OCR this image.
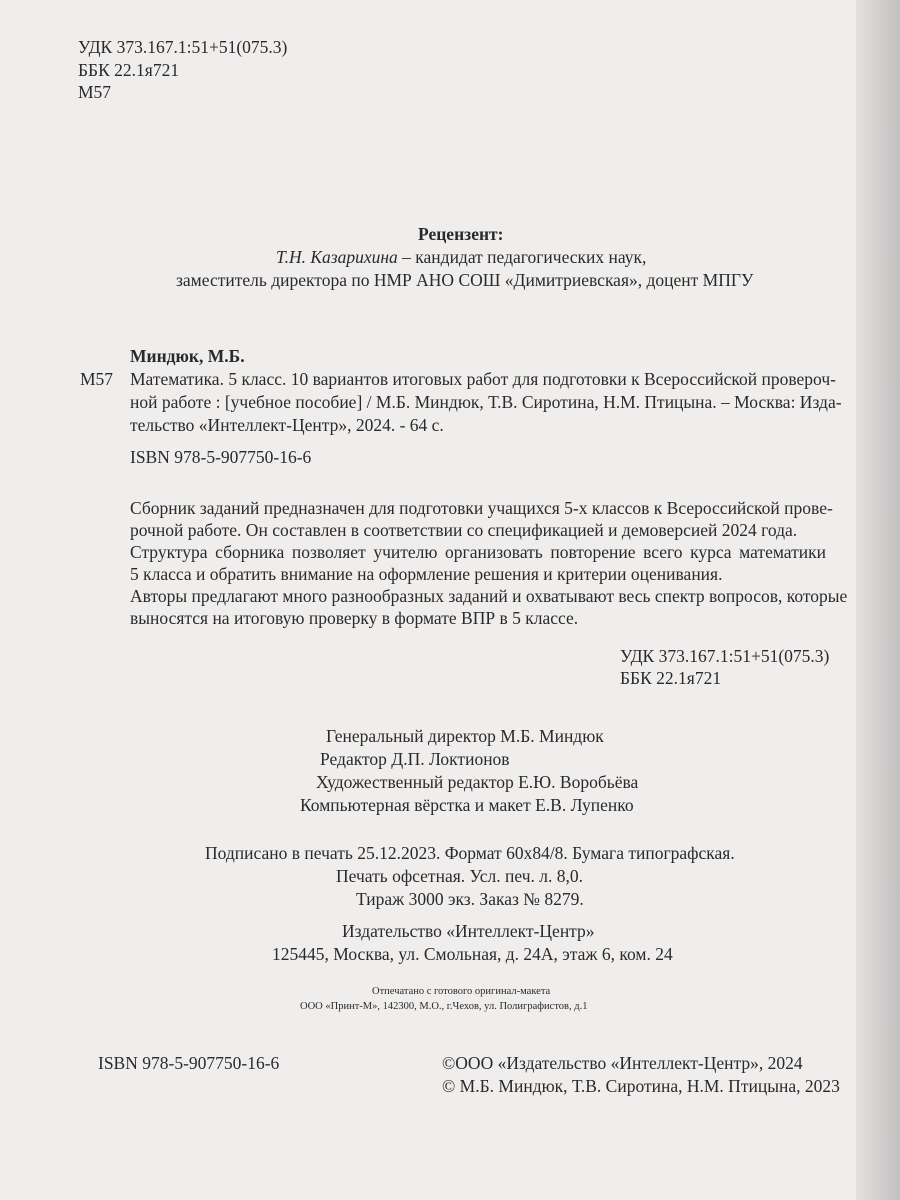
УДК 373.167.1:51+51(075.3)
ББК 22.1я721
М57
Рецензент:
Т.Н. Казарихина – кандидат педагогических наук,
заместитель директора по НМР АНО СОШ «Димитриевская», доцент МПГУ
Миндюк, М.Б.
М57 Математика. 5 класс. 10 вариантов итоговых работ для подготовки к Всероссийской провероч-
ной работе : [учебное пособие] / М.Б. Миндюк, Т.В. Сиротина, Н.М. Птицына. – Москва: Изда-
тельство «Интеллект-Центр», 2024. - 64 с.
ISBN 978-5-907750-16-6
Сборник заданий предназначен для подготовки учащихся 5-х классов к Всероссийской прове-
рочной работе. Он составлен в соответствии со спецификацией и демоверсией 2024 года.
Структура сборника позволяет учителю организовать повторение всего курса математики
5 класса и обратить внимание на оформление решения и критерии оценивания.
Авторы предлагают много разнообразных заданий и охватывают весь спектр вопросов, которые
выносятся на итоговую проверку в формате ВПР в 5 классе.
УДК 373.167.1:51+51(075.3)
ББК 22.1я721
Генеральный директор М.Б. Миндюк
Редактор Д.П. Локтионов
Художественный редактор Е.Ю. Воробьёва
Компьютерная вёрстка и макет Е.В. Лупенко
Подписано в печать 25.12.2023. Формат 60х84/8. Бумага типографская.
Печать офсетная. Усл. печ. л. 8,0.
Тираж 3000 экз. Заказ № 8279.
Издательство «Интеллект-Центр»
125445, Москва, ул. Смольная, д. 24А, этаж 6, ком. 24
Отпечатано с готового оригинал-макета
ООО «Принт-М», 142300, М.О., г.Чехов, ул. Полиграфистов, д.1
ISBN 978-5-907750-16-6	©ООО «Издательство «Интеллект-Центр», 2024
© М.Б. Миндюк, Т.В. Сиротина, Н.М. Птицына, 2023
